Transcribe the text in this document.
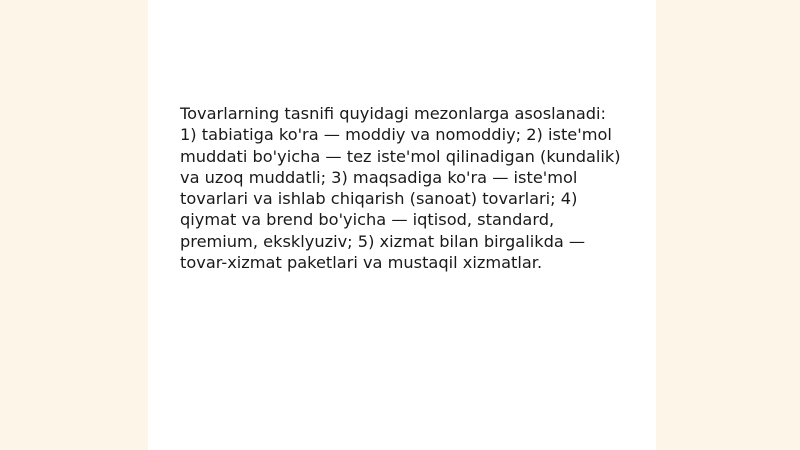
Tovarlarning tasnifi quyidagi mezonlarga asoslanadi:
1) tabiatiga ko'ra — moddiy va nomoddiy; 2) iste'mol
muddati bo'yicha — tez iste'mol qilinadigan (kundalik)
va uzoq muddatli; 3) maqsadiga ko'ra — iste'mol
tovarlari va ishlab chiqarish (sanoat) tovarlari; 4)
qiymat va brend bo'yicha — iqtisod, standard,
premium, eksklyuziv; 5) xizmat bilan birgalikda —
tovar-xizmat paketlari va mustaqil xizmatlar.
